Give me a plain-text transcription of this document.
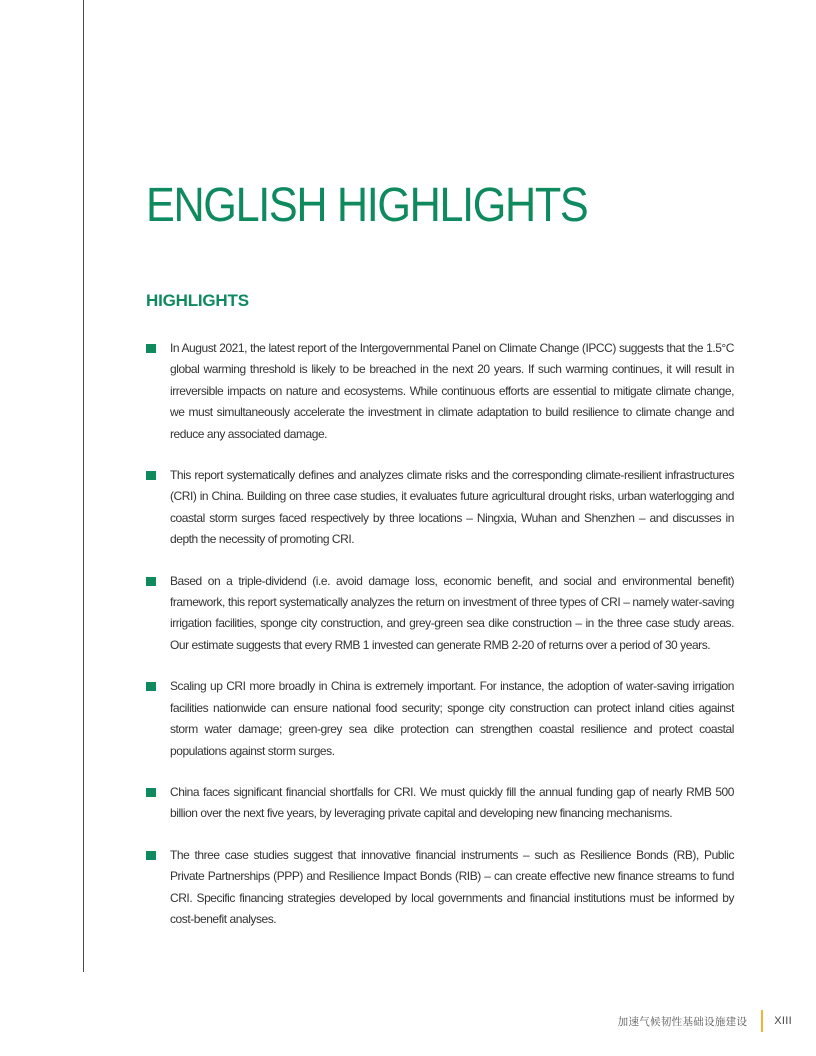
ENGLISH HIGHLIGHTS
HIGHLIGHTS
In August 2021, the latest report of the Intergovernmental Panel on Climate Change (IPCC) suggests that the 1.5°C global warming threshold is likely to be breached in the next 20 years. If such warming continues, it will result in irreversible impacts on nature and ecosystems. While continuous efforts are essential to mitigate climate change, we must simultaneously accelerate the investment in climate adaptation to build resilience to climate change and reduce any associated damage.
This report systematically defines and analyzes climate risks and the corresponding climate-resilient infrastructures (CRI) in China. Building on three case studies, it evaluates future agricultural drought risks, urban waterlogging and coastal storm surges faced respectively by three locations – Ningxia, Wuhan and Shenzhen – and discusses in depth the necessity of promoting CRI.
Based on a triple-dividend (i.e. avoid damage loss, economic benefit, and social and environmental benefit) framework, this report systematically analyzes the return on investment of three types of CRI – namely water-saving irrigation facilities, sponge city construction, and grey-green sea dike construction – in the three case study areas. Our estimate suggests that every RMB 1 invested can generate RMB 2-20 of returns over a period of 30 years.
Scaling up CRI more broadly in China is extremely important. For instance, the adoption of water-saving irrigation facilities nationwide can ensure national food security; sponge city construction can protect inland cities against storm water damage; green-grey sea dike protection can strengthen coastal resilience and protect coastal populations against storm surges.
China faces significant financial shortfalls for CRI. We must quickly fill the annual funding gap of nearly RMB 500 billion over the next five years, by leveraging private capital and developing new financing mechanisms.
The three case studies suggest that innovative financial instruments – such as Resilience Bonds (RB), Public Private Partnerships (PPP) and Resilience Impact Bonds (RIB) – can create effective new finance streams to fund CRI. Specific financing strategies developed by local governments and financial institutions must be informed by cost-benefit analyses.
加速气候韧性基础设施建设 XIII
